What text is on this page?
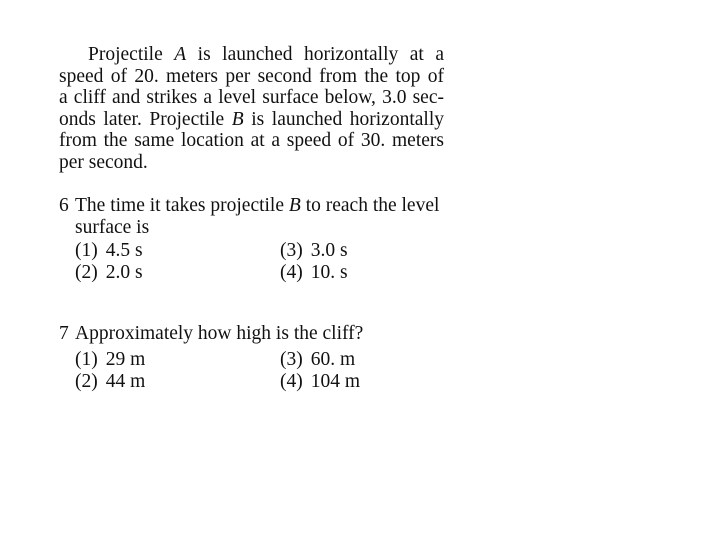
Projectile A is launched horizontally at a
speed of 20. meters per second from the top of
a cliff and strikes a level surface below, 3.0 sec-
onds later. Projectile B is launched horizontally
from the same location at a speed of 30. meters
per second.
6 The time it takes projectile B to reach the level
surface is
(1) 4.5 s
(2) 2.0 s
(3) 3.0 s
(4) 10. s
7 Approximately how high is the cliff?
(1) 29 m
(2) 44 m
(3) 60. m
(4) 104 m
